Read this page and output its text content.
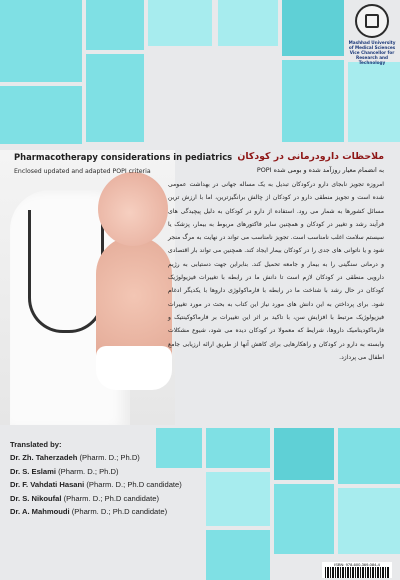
Mashhad University
of Medical Sciences
Vice Chancellor for
Research and Technology
Pharmacotherapy considerations in pediatrics
Enclosed updated and adapted POPI criteria
ملاحظات دارودرمانی در کودکان
به انضمام معیار روزآمد شده و بومی شده POPI

امروزه تجویز نابجای دارو درکودکان تبدیل به یک مساله جهانی در بهداشت عمومی شده است و تجویز منطقی دارو در کودکان از چالش برانگیزترین، اما با ارزش ترین مسائل کشورها به شمار می رود. استفاده از دارو در کودکان به دلیل پیچیدگی های فرآیند رشد و تغییر در کودکان و همچنین سایر فاکتورهای مربوط به بیمار، پزشک یا سیستم سلامت اغلب نامناسب است. تجویز نامناسب می تواند در نهایت به مرگ منجر شود و یا ناتوانی های جدی را در کودکان بیمار ایجاد کند. همچنین می تواند بار اقتصادی و درمانی سنگینی را به بیمار و جامعه تحمیل کند. بنابراین جهت دستیابی به رژیم دارویی منطقی در کودکان لازم است تا دانش ما در رابطه با تغییرات فیزیولوژیک کودکان در حال رشد با شناخت ما در رابطه با فارماکولوژی داروها با یکدیگر ادغام شود. برای پرداختن به این دانش های مورد نیاز این کتاب به بحث در مورد تغییرات فیزیولوژیک مرتبط با افزایش سن، با تاکید بر اثر این تغییرات بر فارماکوکینتیک و فارماکودینامیک داروها، شرایط که معمولا در کودکان دیده می شود، شیوع مشکلات وابسته به دارو در کودکان و راهکارهایی برای کاهش آنها از طریق ارائه ارزیابی جامع اطفال می پردازد.

Translated by:
Dr. Zh. Taherzadeh (Pharm. D.; Ph.D)
Dr. S. Eslami (Pharm. D.; Ph.D)
Dr. F. Vahdati Hasani (Pharm. D.; Ph.D candidate)
Dr. S. Nikoufal (Pharm. D.; Ph.D candidate)
Dr. A. Mahmoudi (Pharm. D.; Ph.D candidate)
ISBN: 978-600-369-084-4
